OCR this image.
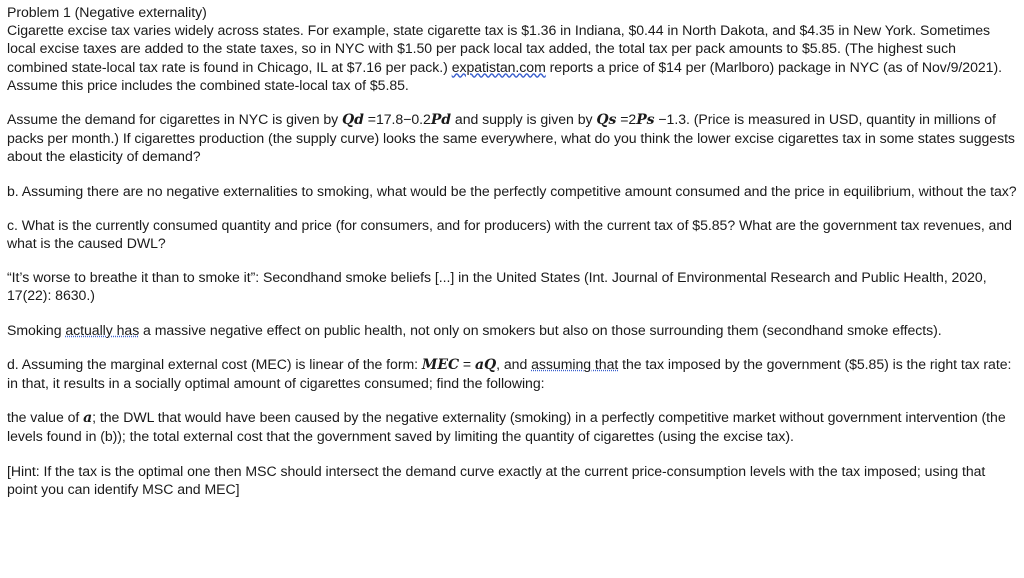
Problem 1 (Negative externality)
Cigarette excise tax varies widely across states. For example, state cigarette tax is $1.36 in Indiana, $0.44 in North Dakota, and $4.35 in New York. Sometimes local excise taxes are added to the state taxes, so in NYC with $1.50 per pack local tax added, the total tax per pack amounts to $5.85. (The highest such combined state-local tax rate is found in Chicago, IL at $7.16 per pack.) expatistan.com reports a price of $14 per (Marlboro) package in NYC (as of Nov/9/2021). Assume this price includes the combined state-local tax of $5.85.

Assume the demand for cigarettes in NYC is given by Qd =17.8−0.2Pd and supply is given by Qs =2Ps −1.3. (Price is measured in USD, quantity in millions of packs per month.) If cigarettes production (the supply curve) looks the same everywhere, what do you think the lower excise cigarettes tax in some states suggests about the elasticity of demand?

b. Assuming there are no negative externalities to smoking, what would be the perfectly competitive amount consumed and the price in equilibrium, without the tax?

c. What is the currently consumed quantity and price (for consumers, and for producers) with the current tax of $5.85? What are the government tax revenues, and what is the caused DWL?

“It’s worse to breathe it than to smoke it”: Secondhand smoke beliefs [...] in the United States (Int. Journal of Environmental Research and Public Health, 2020, 17(22): 8630.)

Smoking actually has a massive negative effect on public health, not only on smokers but also on those surrounding them (secondhand smoke effects).

d. Assuming the marginal external cost (MEC) is linear of the form: MEC = aQ, and assuming that the tax imposed by the government ($5.85) is the right tax rate: in that, it results in a socially optimal amount of cigarettes consumed; find the following:

the value of a; the DWL that would have been caused by the negative externality (smoking) in a perfectly competitive market without government intervention (the levels found in (b)); the total external cost that the government saved by limiting the quantity of cigarettes (using the excise tax).

[Hint: If the tax is the optimal one then MSC should intersect the demand curve exactly at the current price-consumption levels with the tax imposed; using that point you can identify MSC and MEC]
